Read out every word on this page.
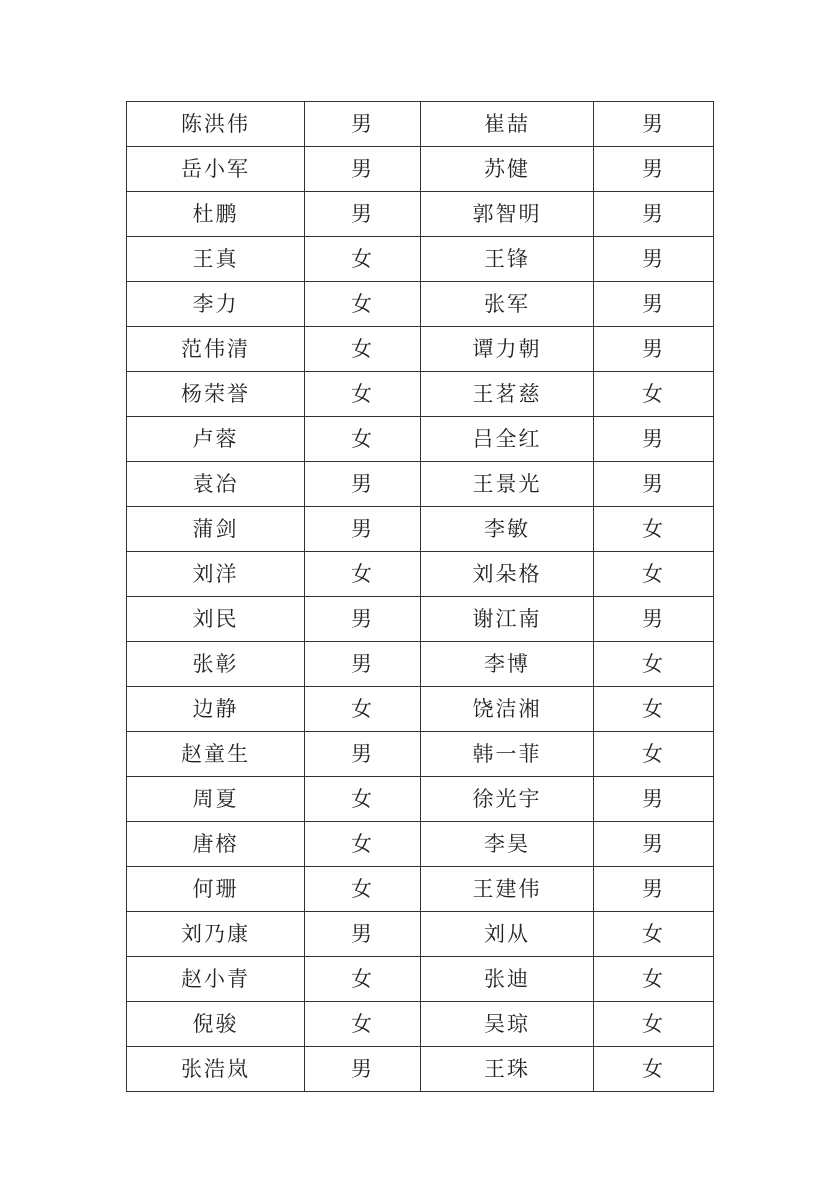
陈洪伟	男	崔喆	男
岳小军	男	苏健	男
杜鹏	男	郭智明	男
王真	女	王锋	男
李力	女	张军	男
范伟清	女	谭力朝	男
杨荣誉	女	王茗慈	女
卢蓉	女	吕全红	男
袁冶	男	王景光	男
蒲剑	男	李敏	女
刘洋	女	刘朵格	女
刘民	男	谢江南	男
张彰	男	李博	女
边静	女	饶洁湘	女
赵童生	男	韩一菲	女
周夏	女	徐光宇	男
唐榕	女	李昊	男
何珊	女	王建伟	男
刘乃康	男	刘从	女
赵小青	女	张迪	女
倪骏	女	吴琼	女
张浩岚	男	王珠	女
